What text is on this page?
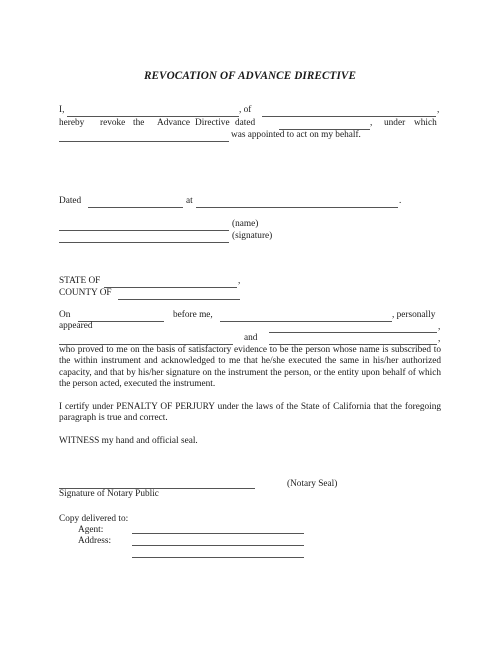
REVOCATION OF ADVANCE DIRECTIVE
I,	, of	,
hereby revoke the Advance Directive dated	, under which
was appointed to act on my behalf.
Dated	at	.
(name)
(signature)
STATE OF	,
COUNTY OF
On	before me,	, personally
appeared	,
and	,
who proved to me on the basis of satisfactory evidence to be the person whose name is subscribed to the within instrument and acknowledged to me that he/she executed the same in his/her authorized capacity, and that by his/her signature on the instrument the person, or the entity upon behalf of which the person acted, executed the instrument.
I certify under PENALTY OF PERJURY under the laws of the State of California that the foregoing paragraph is true and correct.
WITNESS my hand and official seal.
(Notary Seal)
Signature of Notary Public
Copy delivered to:
Agent:
Address:
